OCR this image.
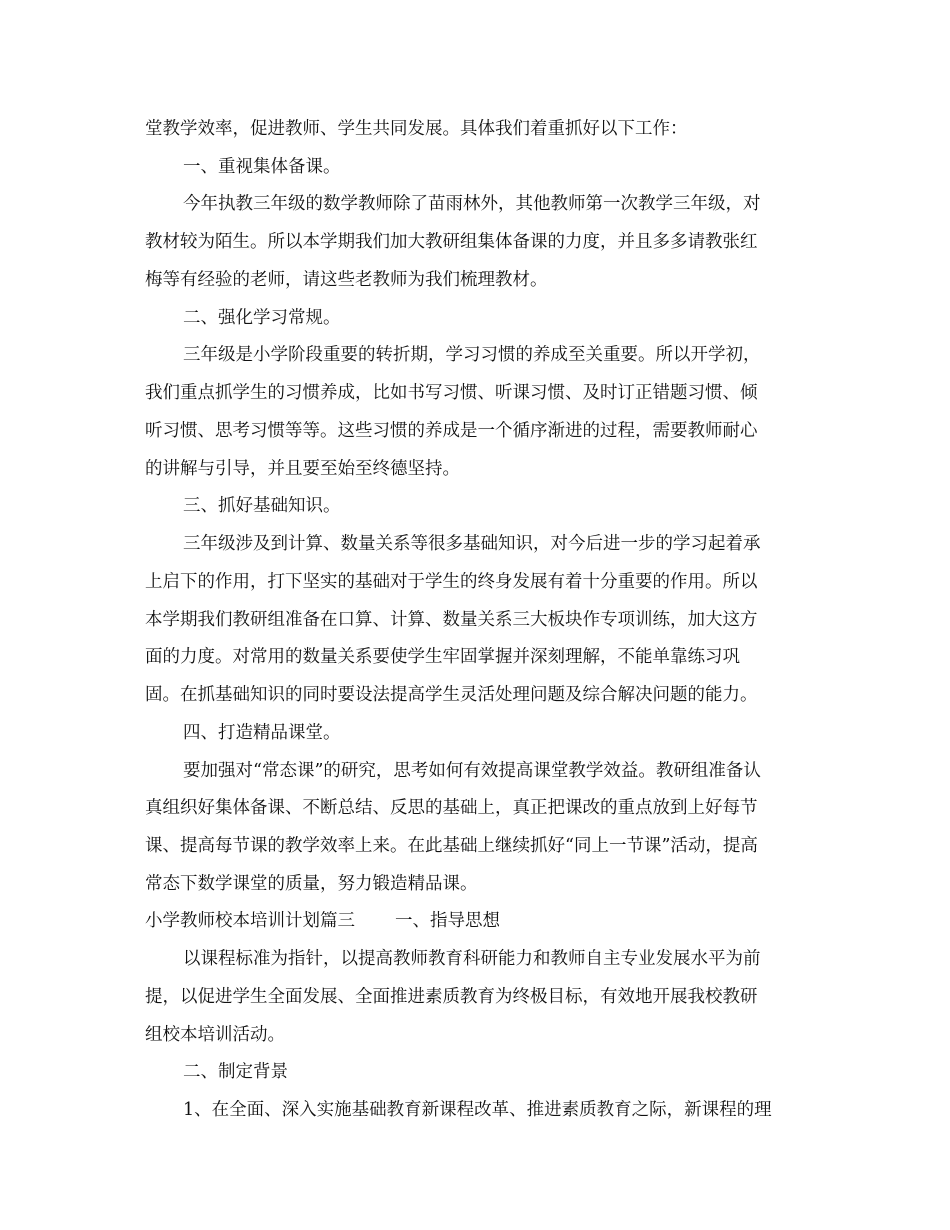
堂教学效率，促进教师、学生共同发展。具体我们着重抓好以下工作：

一、重视集体备课。

今年执教三年级的数学教师除了苗雨林外，其他教师第一次教学三年级，对

教材较为陌生。所以本学期我们加大教研组集体备课的力度，并且多多请教张红

梅等有经验的老师，请这些老教师为我们梳理教材。

二、强化学习常规。

三年级是小学阶段重要的转折期，学习习惯的养成至关重要。所以开学初，

我们重点抓学生的习惯养成，比如书写习惯、听课习惯、及时订正错题习惯、倾

听习惯、思考习惯等等。这些习惯的养成是一个循序渐进的过程，需要教师耐心

的讲解与引导，并且要至始至终德坚持。

三、抓好基础知识。

三年级涉及到计算、数量关系等很多基础知识，对今后进一步的学习起着承

上启下的作用，打下坚实的基础对于学生的终身发展有着十分重要的作用。所以

本学期我们教研组准备在口算、计算、数量关系三大板块作专项训练，加大这方

面的力度。对常用的数量关系要使学生牢固掌握并深刻理解，不能单靠练习巩

固。在抓基础知识的同时要设法提高学生灵活处理问题及综合解决问题的能力。

四、打造精品课堂。

要加强对“常态课”的研究，思考如何有效提高课堂教学效益。教研组准备认

真组织好集体备课、不断总结、反思的基础上，真正把课改的重点放到上好每节

课、提高每节课的教学效率上来。在此基础上继续抓好“同上一节课”活动，提高

常态下数学课堂的质量，努力锻造精品课。

小学教师校本培训计划篇三 一、指导思想

以课程标准为指针，以提高教师教育科研能力和教师自主专业发展水平为前

提，以促进学生全面发展、全面推进素质教育为终极目标，有效地开展我校教研

组校本培训活动。

二、制定背景

1、在全面、深入实施基础教育新课程改革、推进素质教育之际，新课程的理
